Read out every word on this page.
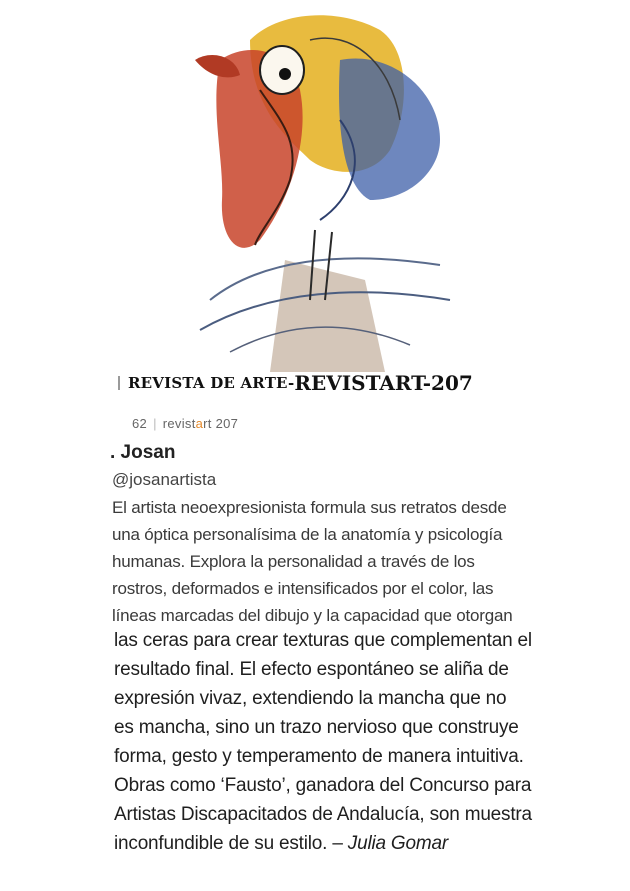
REVISTA DE ARTE- REVISTART-207
62 | revistart 207
. Josan
@josanartista

El artista neoexpresionista formula sus retratos desde

una óptica personalísima de la anatomía y psicología

humanas. Explora la personalidad a través de los

rostros, deformados e intensificados por el color, las

líneas marcadas del dibujo y la capacidad que otorgan

las ceras para crear texturas que complementan el

resultado final. El efecto espontáneo se aliña de

expresión vivaz, extendiendo la mancha que no

es mancha, sino un trazo nervioso que construye

forma, gesto y temperamento de manera intuitiva.

Obras como ‘Fausto’, ganadora del Concurso para

Artistas Discapacitados de Andalucía, son muestra

inconfundible de su estilo. – Julia Gomar
